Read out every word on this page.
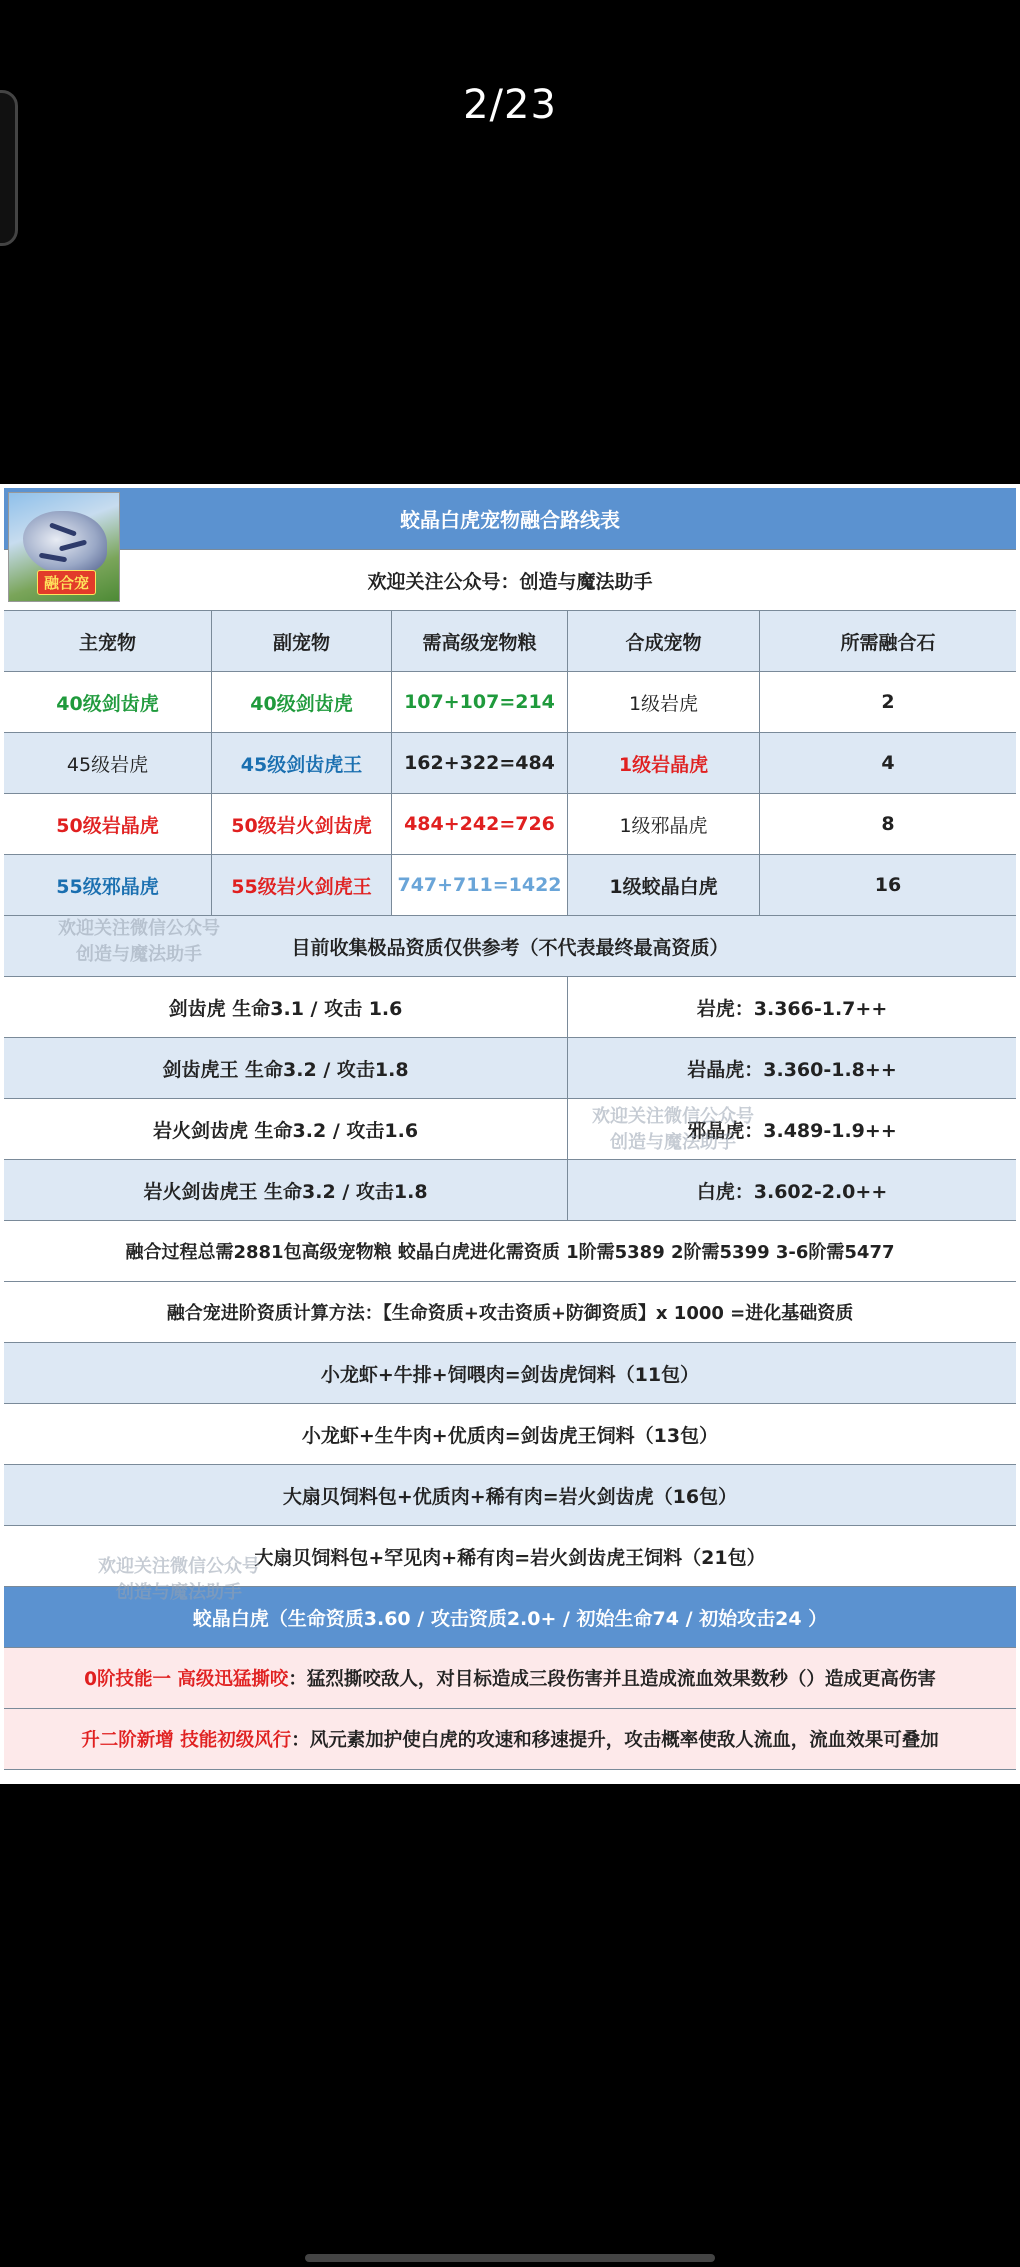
2/23
融合宠
蛟晶白虎宠物融合路线表
欢迎关注公众号：创造与魔法助手
主宠物	副宠物	需高级宠物粮	合成宠物	所需融合石
40级剑齿虎	40级剑齿虎	107+107=214	1级岩虎	2
45级岩虎	45级剑齿虎王	162+322=484	1级岩晶虎	4
50级岩晶虎	50级岩火剑齿虎	484+242=726	1级邪晶虎	8
55级邪晶虎	55级岩火剑虎王	747+711=1422	1级蛟晶白虎	16
目前收集极品资质仅供参考（不代表最终最高资质）
剑齿虎 生命3.1 / 攻击 1.6	岩虎：3.366-1.7++
剑齿虎王 生命3.2 / 攻击1.8	岩晶虎：3.360-1.8++
岩火剑齿虎 生命3.2 / 攻击1.6	邪晶虎：3.489-1.9++
岩火剑齿虎王 生命3.2 / 攻击1.8	白虎：3.602-2.0++
融合过程总需2881包高级宠物粮 蛟晶白虎进化需资质 1阶需5389 2阶需5399 3-6阶需5477
融合宠进阶资质计算方法：【生命资质+攻击资质+防御资质】x 1000 =进化基础资质
小龙虾+牛排+饲喂肉=剑齿虎饲料（11包）
小龙虾+生牛肉+优质肉=剑齿虎王饲料（13包）
大扇贝饲料包+优质肉+稀有肉=岩火剑齿虎（16包）
大扇贝饲料包+罕见肉+稀有肉=岩火剑齿虎王饲料（21包）
蛟晶白虎（生命资质3.60 / 攻击资质2.0+ / 初始生命74 / 初始攻击24 ）
0阶技能一 高级迅猛撕咬 ：猛烈撕咬敌人，对目标造成三段伤害并且造成流血效果数秒（）造成更高伤害
升二阶新增 技能初级风行 ：风元素加护使白虎的攻速和移速提升，攻击概率使敌人流血，流血效果可叠加
欢迎关注微信公众号
创造与魔法助手
欢迎关注微信公众号
创造与魔法助手
欢迎关注微信公众号
创造与魔法助手
